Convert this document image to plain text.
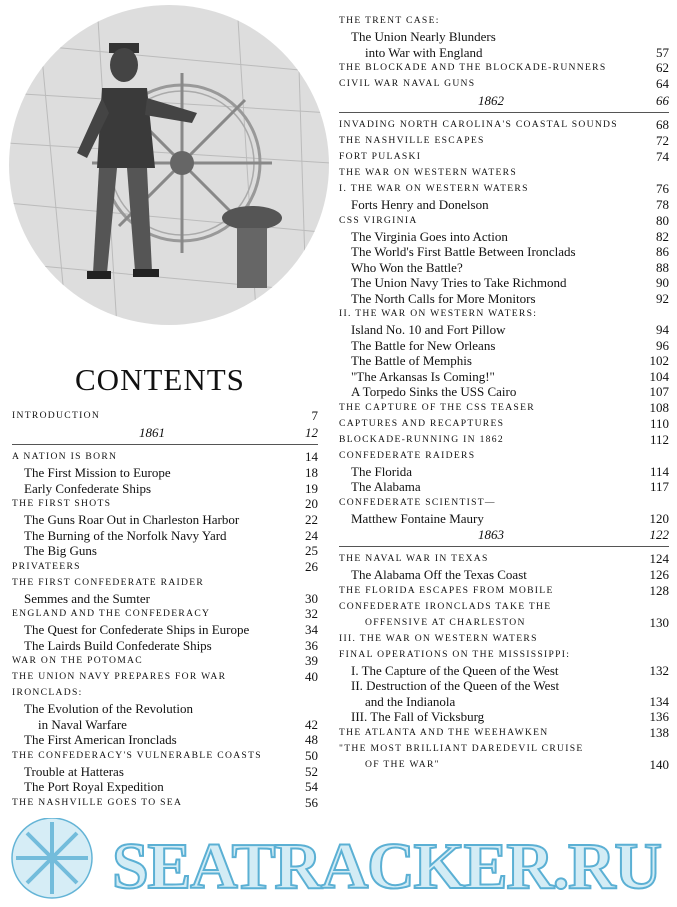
CONTENTS
INTRODUCTION	7
1861	12
A NATION IS BORN	14
The First Mission to Europe	18
Early Confederate Ships	19
THE FIRST SHOTS	20
The Guns Roar Out in Charleston Harbor	22
The Burning of the Norfolk Navy Yard	24
The Big Guns	25
PRIVATEERS	26
THE FIRST CONFEDERATE RAIDER
Semmes and the Sumter	30
ENGLAND AND THE CONFEDERACY	32
The Quest for Confederate Ships in Europe	34
The Lairds Build Confederate Ships	36
WAR ON THE POTOMAC	39
THE UNION NAVY PREPARES FOR WAR	40
IRONCLADS:
The Evolution of the Revolution
in Naval Warfare	42
The First American Ironclads	48
THE CONFEDERACY'S VULNERABLE COASTS	50
Trouble at Hatteras	52
The Port Royal Expedition	54
THE NASHVILLE GOES TO SEA	56
THE TRENT CASE:
The Union Nearly Blunders
into War with England	57
THE BLOCKADE AND THE BLOCKADE-RUNNERS	62
CIVIL WAR NAVAL GUNS	64
1862	66
INVADING NORTH CAROLINA'S COASTAL SOUNDS	68
THE NASHVILLE ESCAPES	72
FORT PULASKI	74
THE WAR ON WESTERN WATERS
I. THE WAR ON WESTERN WATERS	76
Forts Henry and Donelson	78
CSS VIRGINIA	80
The Virginia Goes into Action	82
The World's First Battle Between Ironclads	86
Who Won the Battle?	88
The Union Navy Tries to Take Richmond	90
The North Calls for More Monitors	92
II. THE WAR ON WESTERN WATERS:
Island No. 10 and Fort Pillow	94
The Battle for New Orleans	96
The Battle of Memphis	102
"The Arkansas Is Coming!"	104
A Torpedo Sinks the USS Cairo	107
THE CAPTURE OF THE CSS TEASER	108
CAPTURES AND RECAPTURES	110
BLOCKADE-RUNNING IN 1862	112
CONFEDERATE RAIDERS
The Florida	114
The Alabama	117
CONFEDERATE SCIENTIST—
Matthew Fontaine Maury	120
1863	122
THE NAVAL WAR IN TEXAS	124
The Alabama Off the Texas Coast	126
THE FLORIDA ESCAPES FROM MOBILE	128
CONFEDERATE IRONCLADS TAKE THE
OFFENSIVE AT CHARLESTON	130
III. THE WAR ON WESTERN WATERS
FINAL OPERATIONS ON THE MISSISSIPPI:
I. The Capture of the Queen of the West	132
II. Destruction of the Queen of the West
and the Indianola	134
III. The Fall of Vicksburg	136
THE ATLANTA AND THE WEEHAWKEN	138
"THE MOST BRILLIANT DAREDEVIL CRUISE
OF THE WAR"	140
SEATRACKER.RU
